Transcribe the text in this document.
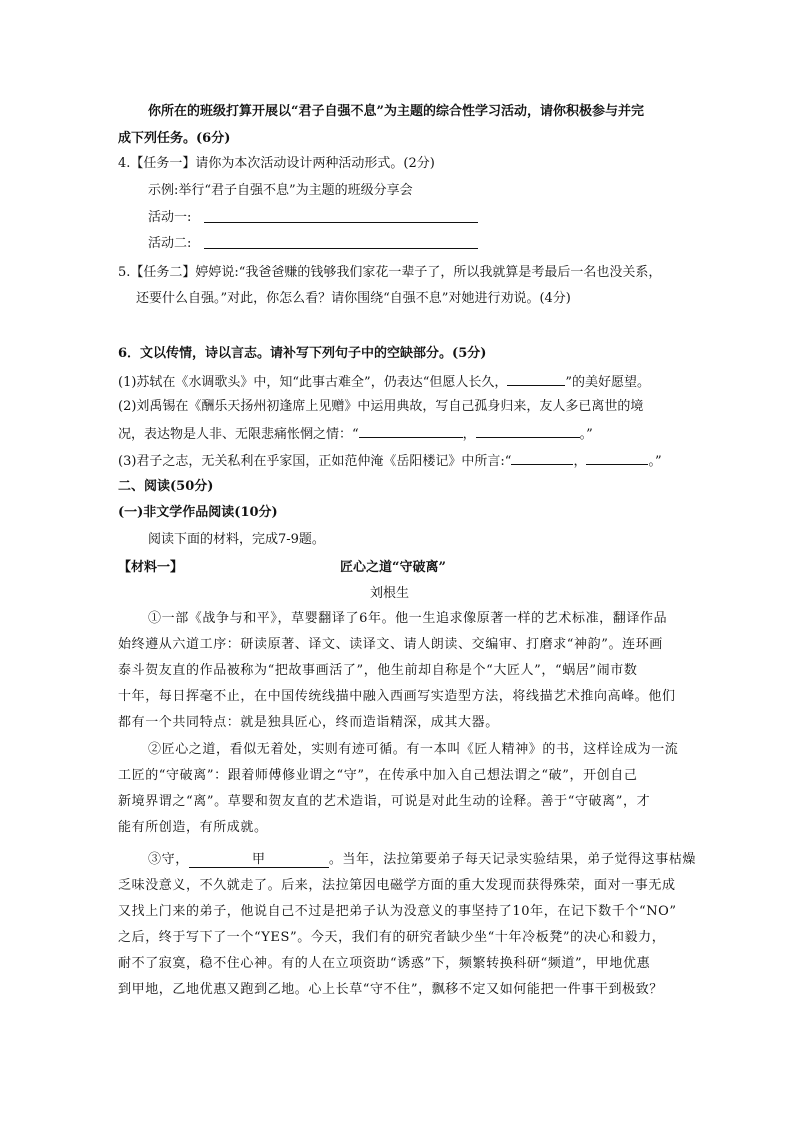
你所在的班级打算开展以“君子自强不息”为主题的综合性学习活动，请你积极参与并完
成下列任务。(6分)
4.【任务一】请你为本次活动设计两种活动形式。(2分)
示例:举行“君子自强不息”为主题的班级分享会
活动一:
活动二:
5.【任务二】婷婷说:“我爸爸赚的钱够我们家花一辈子了，所以我就算是考最后一名也没关系，
还要什么自强。”对此，你怎么看？请你围绕“自强不息”对她进行劝说。(4分)
6．文以传情，诗以言志。请补写下列句子中的空缺部分。(5分)
(1)苏轼在《水调歌头》中，知“此事古难全”，仍表达“但愿人长久，	”的美好愿望。
(2)刘禹锡在《酬乐天扬州初逢席上见赠》中运用典故，写自己孤身归来，友人多已离世的境
况，表达物是人非、无限悲痛怅惘之情：“	，	。”
(3)君子之志，无关私利在乎家国，正如范仲淹《岳阳楼记》中所言:“	，	。”
二、阅读(50分)
(一)非文学作品阅读(10分)
阅读下面的材料，完成7-9题。
【材料一】	匠心之道“守破离”
刘根生
①一部《战争与和平》，草婴翻译了6年。他一生追求像原著一样的艺术标准，翻译作品
始终遵从六道工序：研读原著、译文、读译文、请人朗读、交编审、打磨求“神韵”。连环画
泰斗贺友直的作品被称为“把故事画活了”，他生前却自称是个“大匠人”，“蜗居”闹市数
十年，每日挥毫不止，在中国传统线描中融入西画写实造型方法，将线描艺术推向高峰。他们
都有一个共同特点：就是独具匠心，终而造诣精深，成其大器。
②匠心之道，看似无着处，实则有迹可循。有一本叫《匠人精神》的书，这样诠成为一流
工匠的“守破离”：跟着师傅修业谓之“守”，在传承中加入自己想法谓之“破”，开创自己
新境界谓之“离”。草婴和贺友直的艺术造诣，可说是对此生动的诠释。善于“守破离”，才
能有所创造，有所成就。
③守，	甲	。当年，法拉第要弟子每天记录实验结果，弟子觉得这事枯燥
乏味没意义，不久就走了。后来，法拉第因电磁学方面的重大发现而获得殊荣，面对一事无成
又找上门来的弟子，他说自己不过是把弟子认为没意义的事坚持了10年，在记下数千个“NO”
之后，终于写下了一个“YES”。今天，我们有的研究者缺少坐“十年冷板凳”的决心和毅力，
耐不了寂寞，稳不住心神。有的人在立项资助“诱惑”下，频繁转换科研“频道”，甲地优惠
到甲地，乙地优惠又跑到乙地。心上长草“守不住”，飘移不定又如何能把一件事干到极致？
